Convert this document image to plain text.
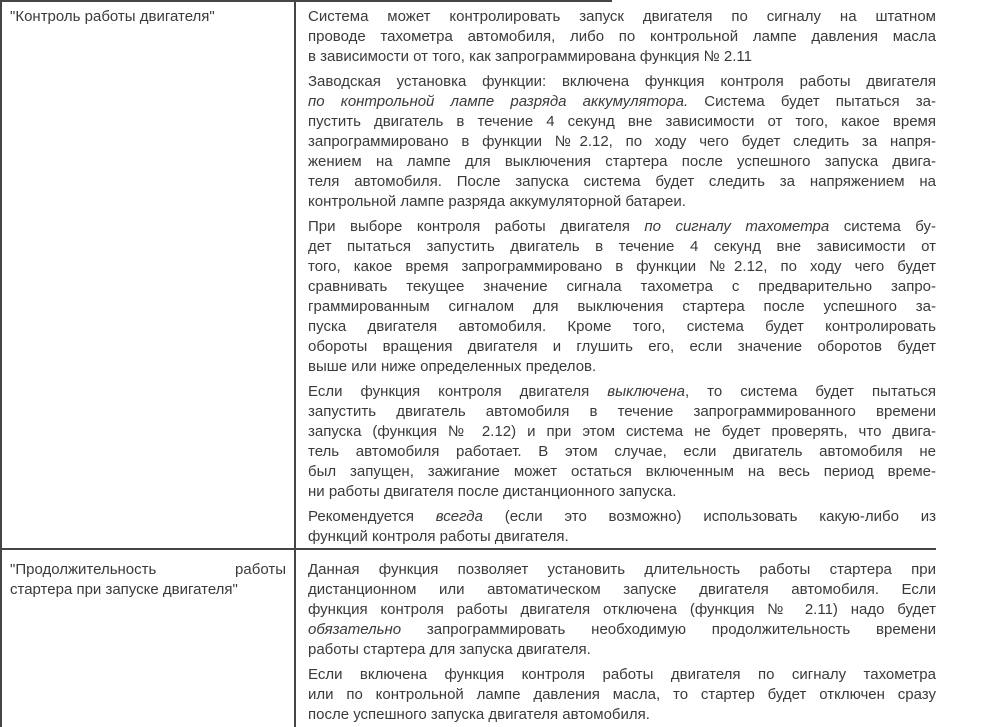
"Контроль работы двигателя"	Система может контролировать запуск двигателя по сигналу на штатном
проводе тахометра автомобиля, либо по контрольной лампе давления масла
в зависимости от того, как запрограммирована функция № 2.11
Заводская установка функции: включена функция контроля работы двигателя
по контрольной лампе разряда аккумулятора. Система будет пытаться за-
пустить двигатель в течение 4 секунд вне зависимости от того, какое время
запрограммировано в функции №2.12, по ходу чего будет следить за напря-
жением на лампе для выключения стартера после успешного запуска двига-
теля автомобиля. После запуска система будет следить за напряжением на
контрольной лампе разряда аккумуляторной батареи.
При выборе контроля работы двигателя по сигналу тахометра система бу-
дет пытаться запустить двигатель в течение 4 секунд вне зависимости от
того, какое время запрограммировано в функции №2.12, по ходу чего будет
сравнивать текущее значение сигнала тахометра с предварительно запро-
граммированным сигналом для выключения стартера после успешного за-
пуска двигателя автомобиля. Кроме того, система будет контролировать
обороты вращения двигателя и глушить его, если значение оборотов будет
выше или ниже определенных пределов.
Если функция контроля двигателя выключена, то система будет пытаться
запустить двигатель автомобиля в течение запрограммированного времени
запуска (функция № 2.12) и при этом система не будет проверять, что двига-
тель автомобиля работает. В этом случае, если двигатель автомобиля не
был запущен, зажигание может остаться включенным на весь период време-
ни работы двигателя после дистанционного запуска.
Рекомендуется всегда (если это возможно) использовать какую-либо из
функций контроля работы двигателя.
"Продолжительность работы
стартера при запуске двигателя"
Данная функция позволяет установить длительность работы стартера при
дистанционном или автоматическом запуске двигателя автомобиля. Если
функция контроля работы двигателя отключена (функция № 2.11) надо будет
обязательно запрограммировать необходимую продолжительность времени
работы стартера для запуска двигателя.
Если включена функция контроля работы двигателя по сигналу тахометра
или по контрольной лампе давления масла, то стартер будет отключен сразу
после успешного запуска двигателя автомобиля.
